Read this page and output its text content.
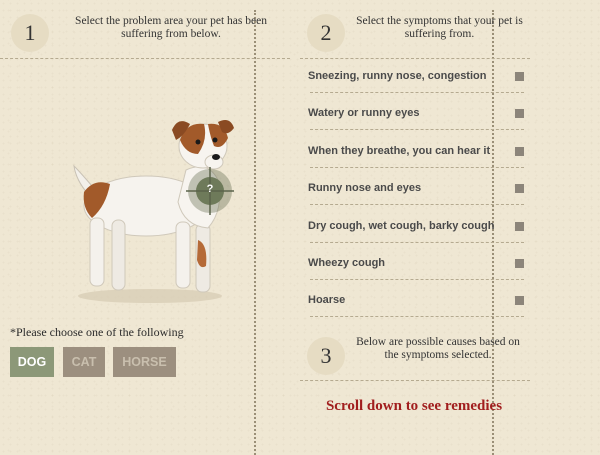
1	Select the problem area your pet has been suffering from below.	2	Select the symptoms that your pet is suffering from.
?
*Please choose one of the following
DOG CAT HORSE
Sneezing, runny nose, congestion
Watery or runny eyes
When they breathe, you can hear it
Runny nose and eyes
Dry cough, wet cough, barky cough
Wheezy cough
Hoarse
3
Below are possible causes based on the symptoms selected.
Scroll down to see remedies
